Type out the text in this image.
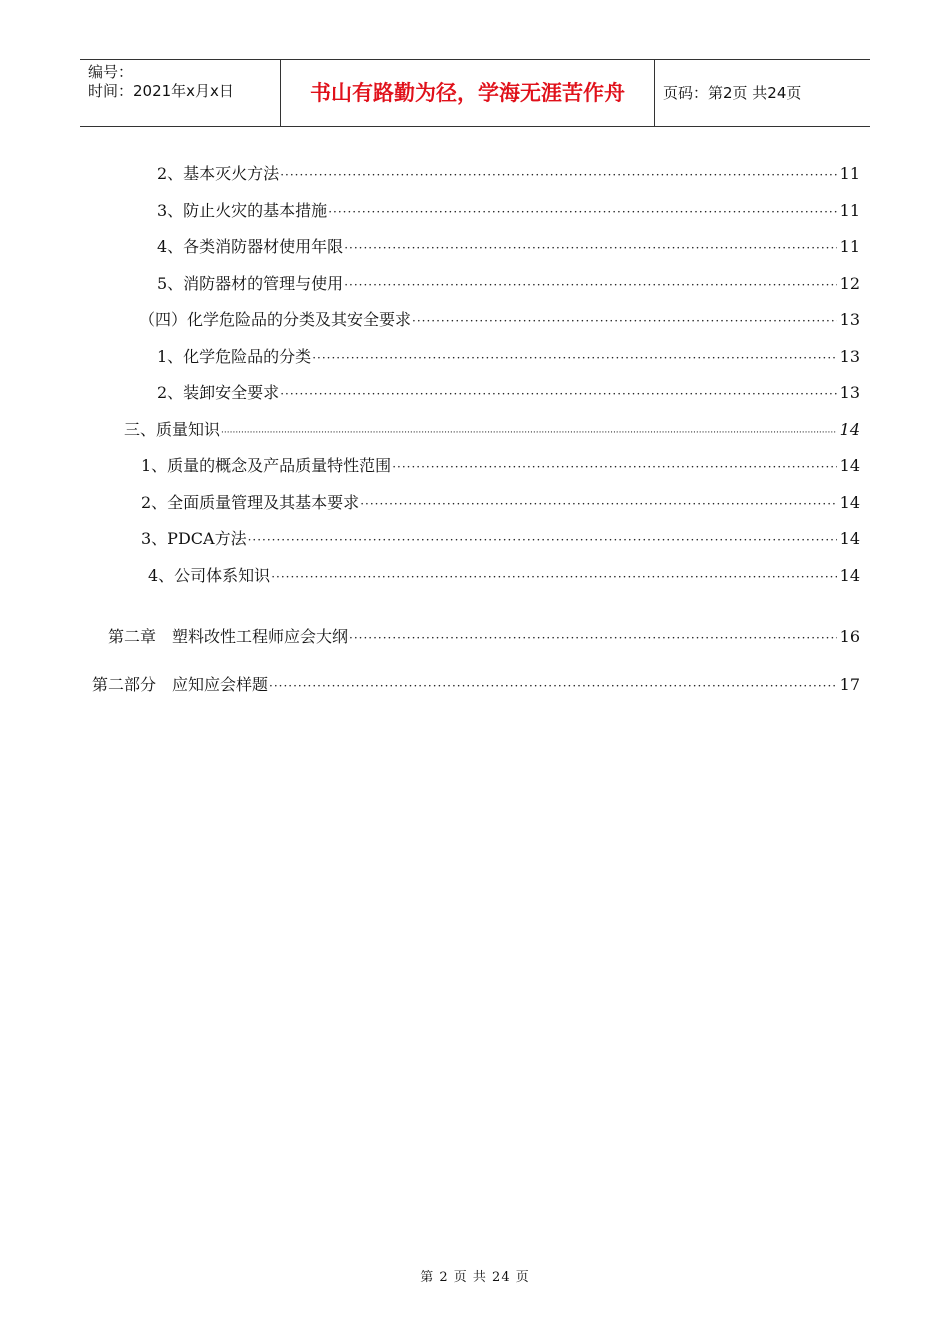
编号：
时间：2021年x月x日	书山有路勤为径，学海无涯苦作舟	页码：第2页 共24页
2、基本灭火方法 ·····	11
3、防止火灾的基本措施 ·····	11
4、各类消防器材使用年限 ·····	11
5、消防器材的管理与使用 ·····	12
（四）化学危险品的分类及其安全要求 ·····	13
1、化学危险品的分类 ·····	13
2、装卸安全要求 ·····	13
三、质量知识 ·····	14
1、质量的概念及产品质量特性范围 ·····	14
2、全面质量管理及其基本要求 ·····	14
3、PDCA方法 ·····	14
4、公司体系知识 ·····	14
第二章　塑料改性工程师应会大纲 ·····	16
第二部分　应知应会样题 ·····	17
第 2 页 共 24 页
